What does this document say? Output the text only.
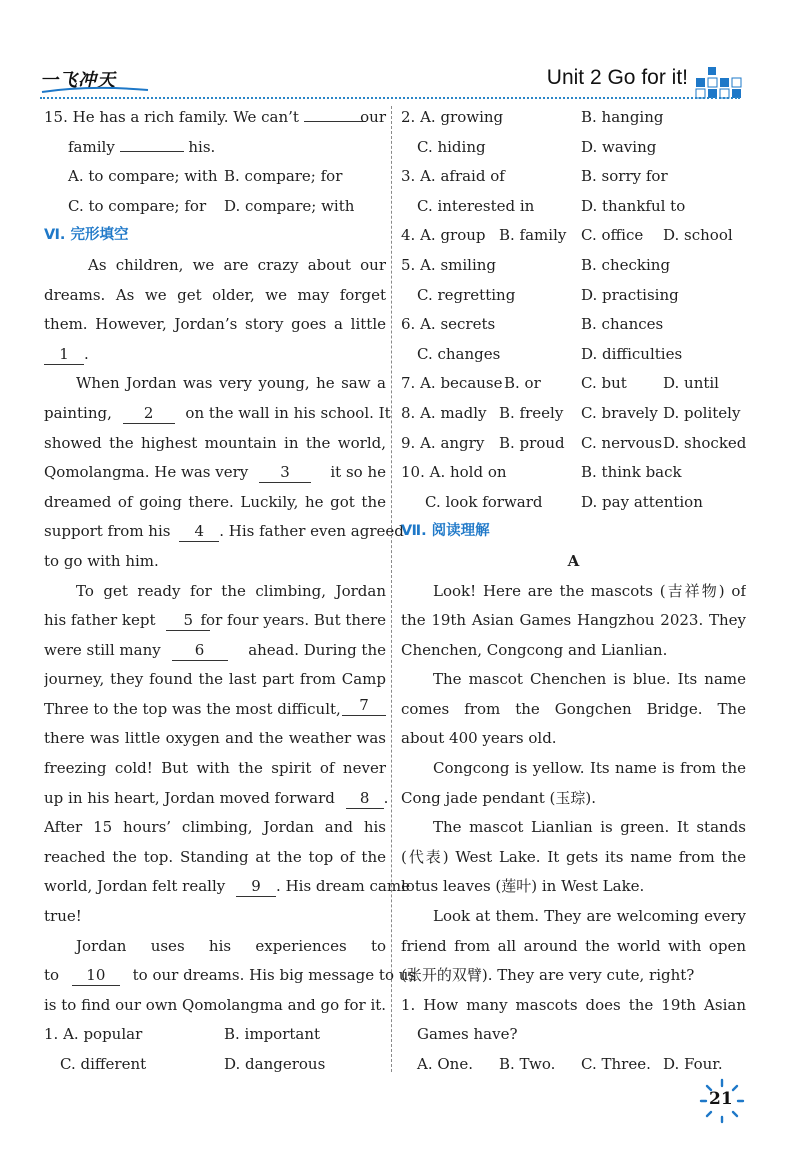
一飞冲天	Unit 2 Go for it!
15. He has a rich family. We can’t	our
family	his.
A. to compare; with B. compare; for
C. to compare; for D. compare; with
Ⅵ. 完形填空
As children, we are crazy about our
dreams. As we get older, we may forget
them. However, Jordan’s story goes a little
1 .
When Jordan was very young, he saw a
painting, 2 on the wall in his school. It
showed the highest mountain in the world,
Qomolangma. He was very 3	it so he
dreamed of going there. Luckily, he got the
support from his 4 . His father even agreed
to go with him.
To get ready for the climbing, Jordan
his father kept 5 for four years. But there
were still many 6	ahead. During the
journey, they found the last part from Camp
Three to the top was the most difficult,	7
there was little oxygen and the weather was
freezing cold! But with the spirit of never
up in his heart, Jordan moved forward 8 .
After 15 hours’ climbing, Jordan and his
reached the top. Standing at the top of the
world, Jordan felt really 9 . His dream came
true!
Jordan uses his experiences to
to 10 to our dreams. His big message to us
is to find our own Qomolangma and go for it.
1. A. popular	B. important
C. different	D. dangerous
2. A. growing	B. hanging
C. hiding	D. waving
3. A. afraid of	B. sorry for
C. interested in	D. thankful to
4. A. group B. family C. office D. school
5. A. smiling	B. checking
C. regretting	D. practising
6. A. secrets	B. chances
C. changes	D. difficulties
7. A. because B. or	C. but D. until
8. A. madly B. freely C. bravely D. politely
9. A. angry B. proud C. nervous D. shocked
10. A. hold on	B. think back
C. look forward	D. pay attention
Ⅶ. 阅读理解
A
Look! Here are the mascots (吉祥物) of
the 19th Asian Games Hangzhou 2023. They
Chenchen, Congcong and Lianlian.
The mascot Chenchen is blue. Its name
comes from the Gongchen Bridge. The
about 400 years old.
Congcong is yellow. Its name is from the
Cong jade pendant (玉琮).
The mascot Lianlian is green. It stands
(代表) West Lake. It gets its name from the
lotus leaves (莲叶) in West Lake.
Look at them. They are welcoming every
friend from all around the world with open
(张开的双臂). They are very cute, right?
1. How many mascots does the 19th Asian
Games have?
A. One. B. Two. C. Three. D. Four.
21
